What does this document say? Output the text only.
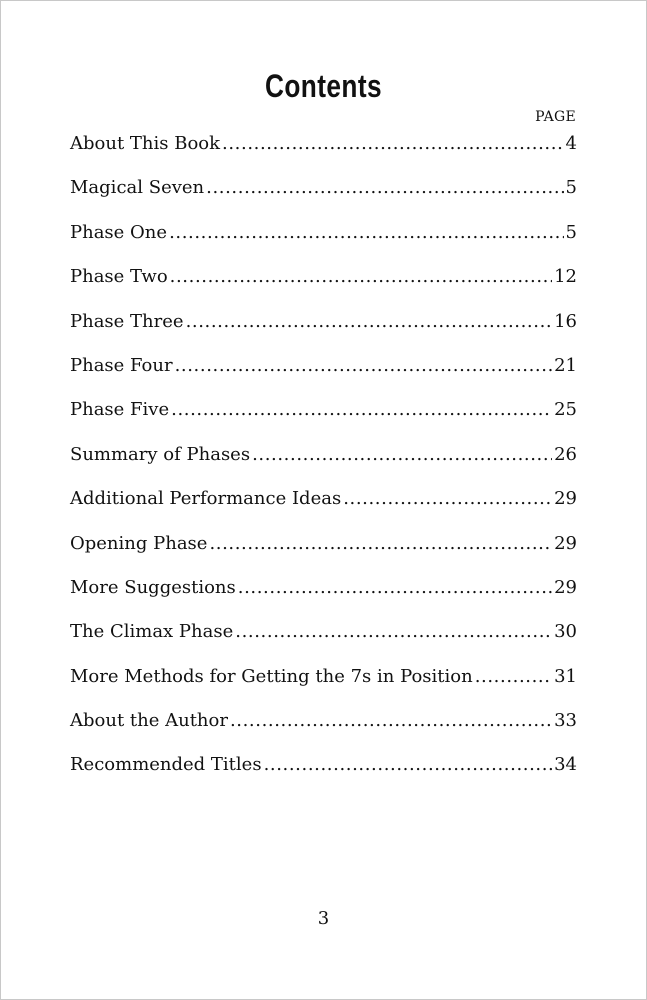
Contents
PAGE
About This Book .....	4
Magical Seven .....	5
Phase One .....	5
Phase Two .....	12
Phase Three .....	16
Phase Four .....	21
Phase Five .....	25
Summary of Phases .....	26
Additional Performance Ideas .....	29
Opening Phase .....	29
More Suggestions .....	29
The Climax Phase .....	30
More Methods for Getting the 7s in Position .....	31
About the Author .....	33
Recommended Titles .....	34
3
